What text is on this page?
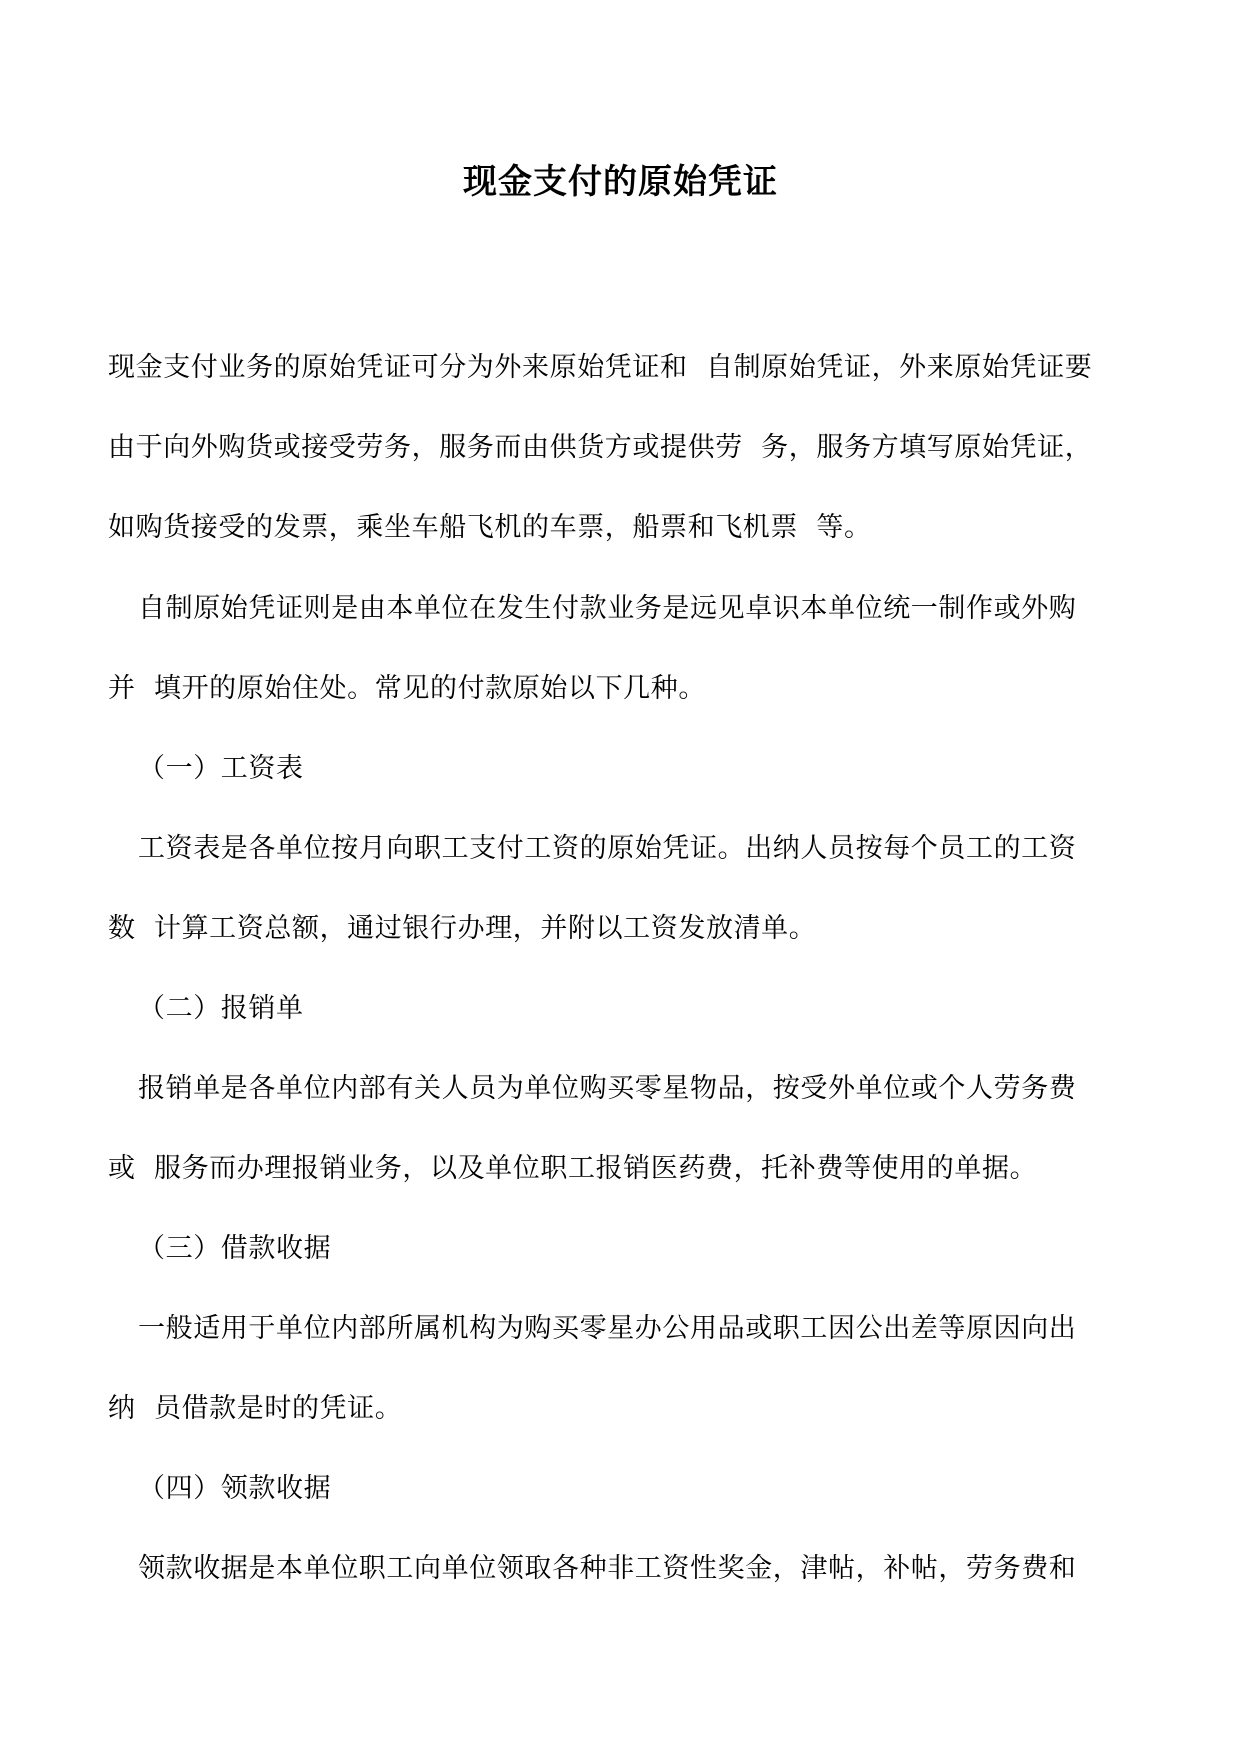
现金支付的原始凭证

现金支付业务的原始凭证可分为外来原始凭证和  自制原始凭证，外来原始凭证要

由于向外购货或接受劳务，服务而由供货方或提供劳  务，服务方填写原始凭证，

如购货接受的发票，乘坐车船飞机的车票，船票和飞机票  等。

自制原始凭证则是由本单位在发生付款业务是远见卓识本单位统一制作或外购

并  填开的原始住处。常见的付款原始以下几种。

（一）工资表

工资表是各单位按月向职工支付工资的原始凭证。出纳人员按每个员工的工资

数  计算工资总额，通过银行办理，并附以工资发放清单。

（二）报销单

报销单是各单位内部有关人员为单位购买零星物品，按受外单位或个人劳务费

或  服务而办理报销业务，以及单位职工报销医药费，托补费等使用的单据。

（三）借款收据

一般适用于单位内部所属机构为购买零星办公用品或职工因公出差等原因向出

纳  员借款是时的凭证。

（四）领款收据

领款收据是本单位职工向单位领取各种非工资性奖金，津帖，补帖，劳务费和
